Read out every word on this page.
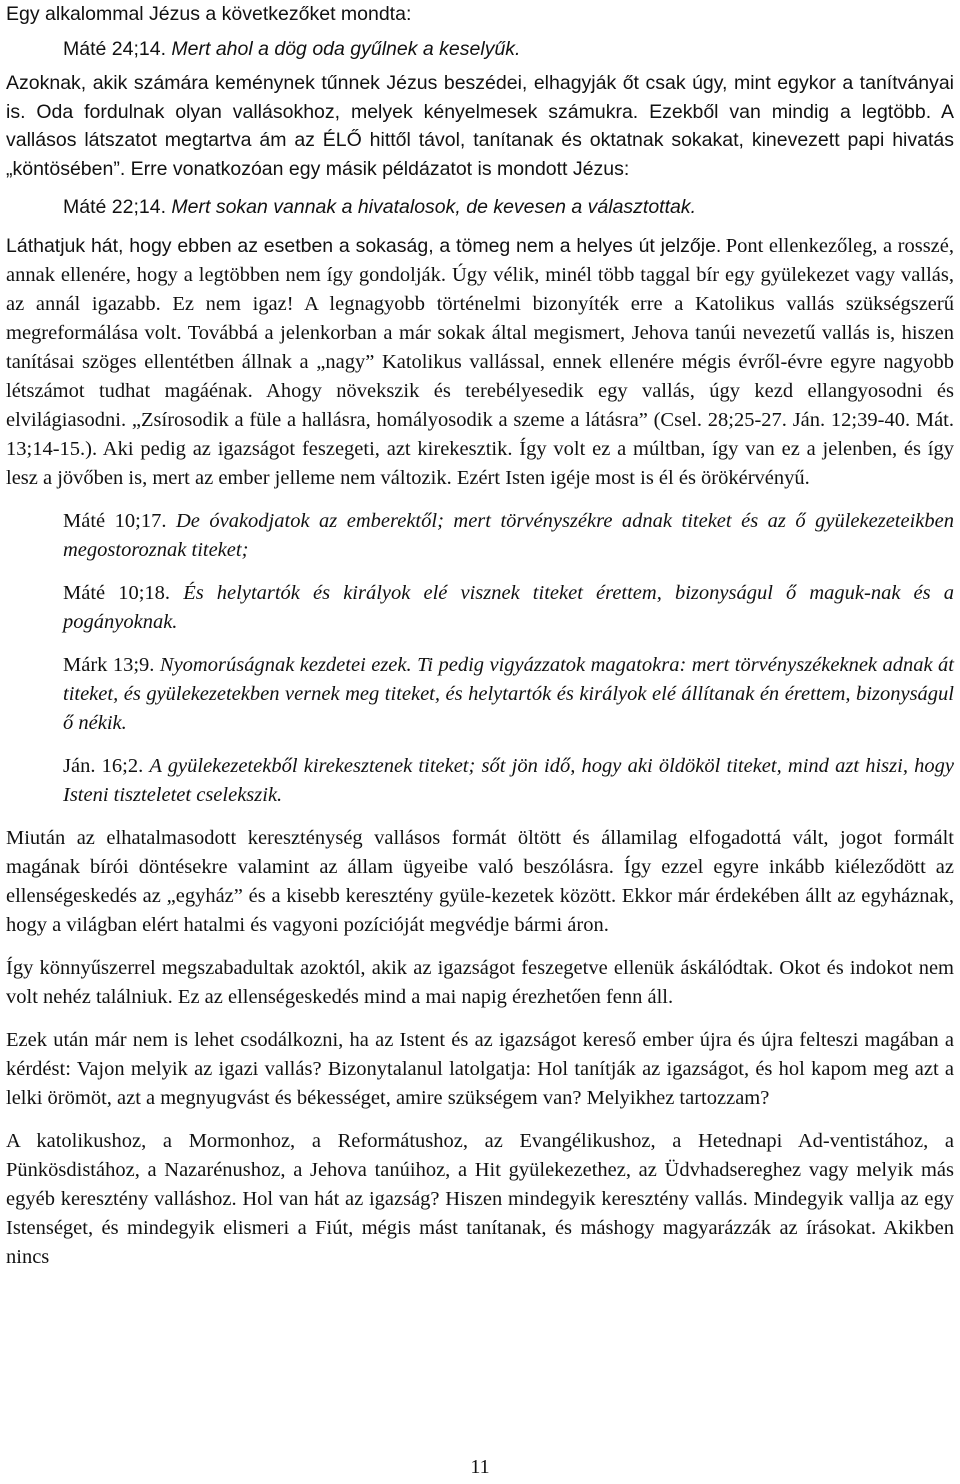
Egy alkalommal Jézus a következőket mondta:

Máté 24;14. Mert ahol a dög oda gyűlnek a keselyűk.

Azoknak, akik számára keménynek tűnnek Jézus beszédei, elhagyják őt csak úgy, mint egykor a tanítványai is. Oda fordulnak olyan vallásokhoz, melyek kényelmesek számukra. Ezekből van mindig a legtöbb. A vallásos látszatot megtartva ám az ÉLŐ hittől távol, tanítanak és oktatnak sokakat, kinevezett papi hivatás „köntösében”. Erre vonatkozóan egy másik példázatot is mondott Jézus:

Máté 22;14. Mert sokan vannak a hivatalosok, de kevesen a választottak.

Láthatjuk hát, hogy ebben az esetben a sokaság, a tömeg nem a helyes út jelzője. Pont ellenkezőleg, a rosszé, annak ellenére, hogy a legtöbben nem így gondolják. Úgy vélik, minél több taggal bír egy gyülekezet vagy vallás, az annál igazabb. Ez nem igaz! A legnagyobb történelmi bizonyíték erre a Katolikus vallás szükségszerű megreformálása volt. Továbbá a jelenkorban a már sokak által megismert, Jehova tanúi nevezetű vallás is, hiszen tanításai szöges ellentétben állnak a „nagy” Katolikus vallással, ennek ellenére mégis évről-évre egyre nagyobb létszámot tudhat magáénak. Ahogy növekszik és terebélyesedik egy vallás, úgy kezd ellangyosodni és elvilágiasodni. „Zsírosodik a füle a hallásra, homályosodik a szeme a látásra” (Csel. 28;25-27. Ján. 12;39-40. Mát. 13;14-15.). Aki pedig az igazságot feszegeti, azt kirekesztik. Így volt ez a múltban, így van ez a jelenben, és így lesz a jövőben is, mert az ember jelleme nem változik. Ezért Isten igéje most is él és örökérvényű.

Máté 10;17. De óvakodjatok az emberektől; mert törvényszékre adnak titeket és az ő gyülekezeteikben megostoroznak titeket;

Máté 10;18. És helytartók és királyok elé visznek titeket érettem, bizonyságul ő maguk-nak és a pogányoknak.

Márk 13;9. Nyomorúságnak kezdetei ezek. Ti pedig vigyázzatok magatokra: mert törvényszékeknek adnak át titeket, és gyülekezetekben vernek meg titeket, és helytartók és királyok elé állítanak én érettem, bizonyságul ő nékik.

Ján. 16;2. A gyülekezetekből kirekesztenek titeket; sőt jön idő, hogy aki öldököl titeket, mind azt hiszi, hogy Isteni tiszteletet cselekszik.

Miután az elhatalmasodott kereszténység vallásos formát öltött és államilag elfogadottá vált, jogot formált magának bírói döntésekre valamint az állam ügyeibe való beszólásra. Így ezzel egyre inkább kiéleződött az ellenségeskedés az „egyház” és a kisebb keresztény gyüle-kezetek között. Ekkor már érdekében állt az egyháznak, hogy a világban elért hatalmi és vagyoni pozícióját megvédje bármi áron.

Így könnyűszerrel megszabadultak azoktól, akik az igazságot feszegetve ellenük áskálódtak. Okot és indokot nem volt nehéz találniuk. Ez az ellenségeskedés mind a mai napig érezhetően fenn áll.

Ezek után már nem is lehet csodálkozni, ha az Istent és az igazságot kereső ember újra és újra felteszi magában a kérdést: Vajon melyik az igazi vallás? Bizonytalanul latolgatja: Hol tanítják az igazságot, és hol kapom meg azt a lelki örömöt, azt a megnyugvást és békességet, amire szükségem van? Melyikhez tartozzam?

A katolikushoz, a Mormonhoz, a Reformátushoz, az Evangélikushoz, a Hetednapi Ad-ventistához, a Pünkösdistához, a Nazarénushoz, a Jehova tanúihoz, a Hit gyülekezethez, az Üdvhadsereghez vagy melyik más egyéb keresztény valláshoz. Hol van hát az igazság? Hiszen mindegyik keresztény vallás. Mindegyik vallja az egy Istenséget, és mindegyik elismeri a Fiút, mégis mást tanítanak, és máshogy magyarázzák az írásokat. Akikben nincs

11
